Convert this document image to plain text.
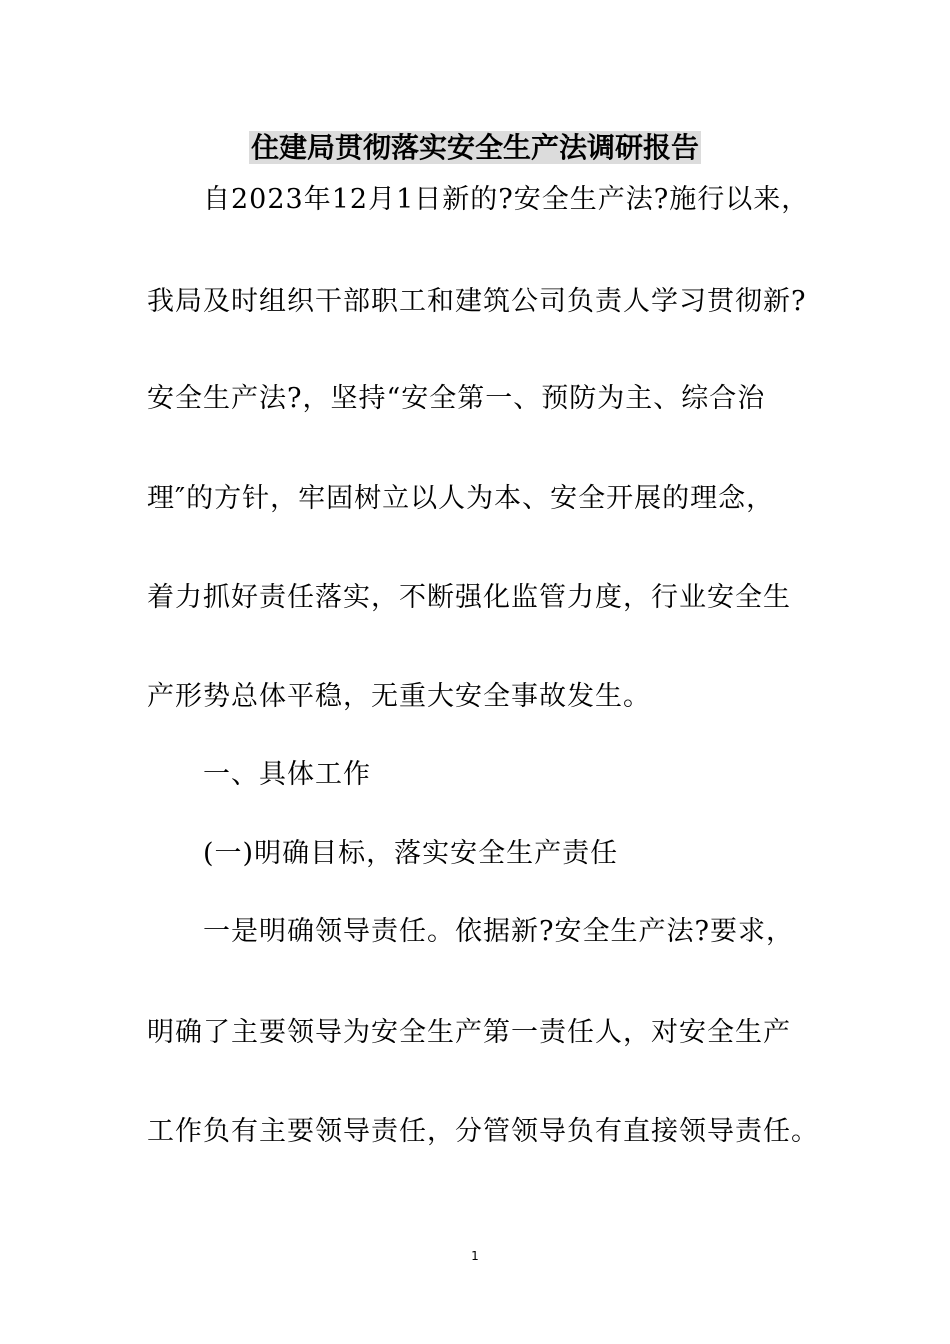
住建局贯彻落实安全生产法调研报告

自2023年12月1日新的?安全生产法?施行以来，

我局及时组织干部职工和建筑公司负责人学习贯彻新?

安全生产法?，坚持“安全第一、预防为主、综合治

理″的方针，牢固树立以人为本、安全开展的理念，

着力抓好责任落实，不断强化监管力度，行业安全生

产形势总体平稳，无重大安全事故发生。

一、具体工作

(一)明确目标，落实安全生产责任

一是明确领导责任。依据新?安全生产法?要求，

明确了主要领导为安全生产第一责任人，对安全生产

工作负有主要领导责任，分管领导负有直接领导责任。

1
